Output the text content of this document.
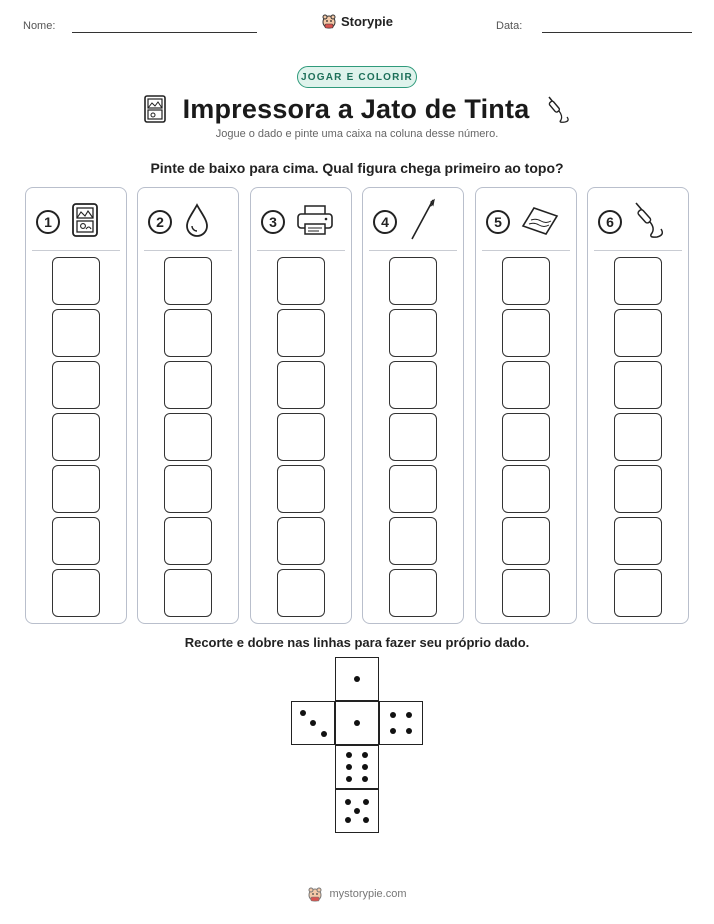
Nome:	Storypie	Data:
JOGAR E COLORIR
Impressora a Jato de Tinta
Jogue o dado e pinte uma caixa na coluna desse número.
Pinte de baixo para cima. Qual figura chega primeiro ao topo?
1	2	3	4	5	6
Recorte e dobre nas linhas para fazer seu próprio dado.
mystorypie.com
